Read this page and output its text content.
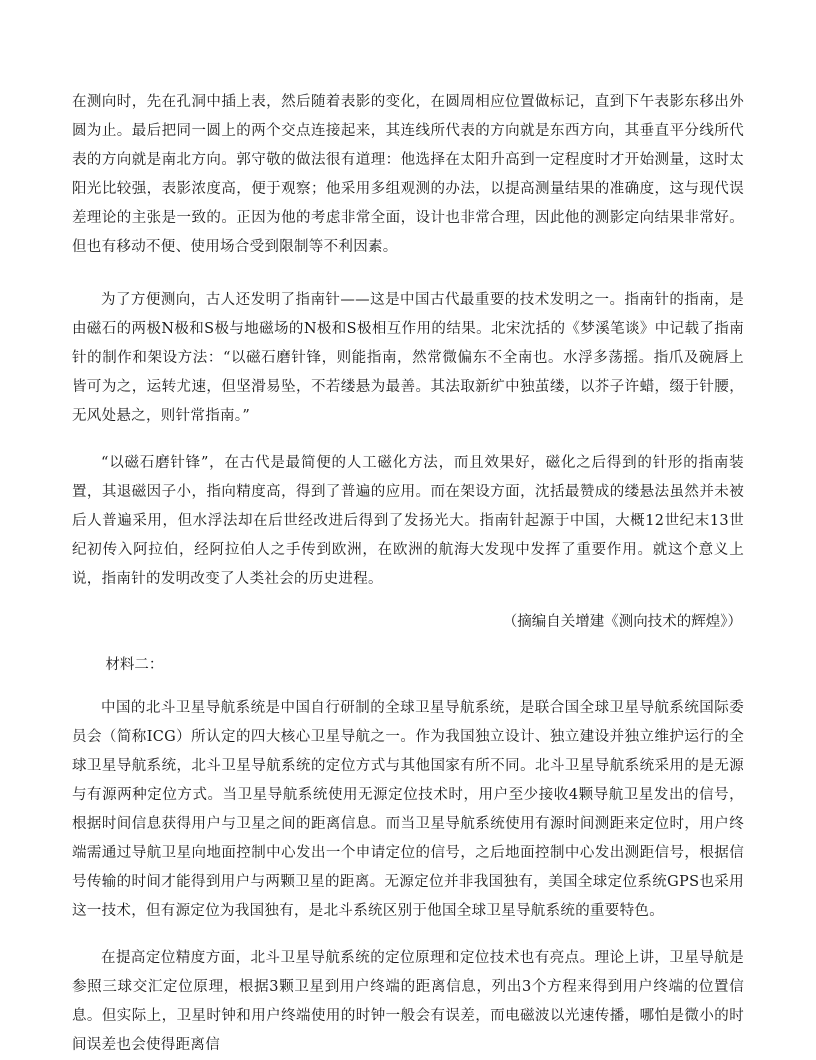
在测向时，先在孔洞中插上表，然后随着表影的变化，在圆周相应位置做标记，直到下午表影东移出外圆为止。最后把同一圆上的两个交点连接起来，其连线所代表的方向就是东西方向，其垂直平分线所代表的方向就是南北方向。郭守敬的做法很有道理：他选择在太阳升高到一定程度时才开始测量，这时太阳光比较强，表影浓度高，便于观察；他采用多组观测的办法，以提高测量结果的准确度，这与现代误差理论的主张是一致的。正因为他的考虑非常全面，设计也非常合理，因此他的测影定向结果非常好。但也有移动不便、使用场合受到限制等不利因素。

为了方便测向，古人还发明了指南针——这是中国古代最重要的技术发明之一。指南针的指南，是由磁石的两极N极和S极与地磁场的N极和S极相互作用的结果。北宋沈括的《梦溪笔谈》中记载了指南针的制作和架设方法：“以磁石磨针锋，则能指南，然常微偏东不全南也。水浮多荡摇。指爪及碗唇上皆可为之，运转尤速，但坚滑易坠，不若缕悬为最善。其法取新纩中独茧缕，以芥子许蜡，缀于针腰，无风处悬之，则针常指南。”

“以磁石磨针锋”，在古代是最简便的人工磁化方法，而且效果好，磁化之后得到的针形的指南装置，其退磁因子小，指向精度高，得到了普遍的应用。而在架设方面，沈括最赞成的缕悬法虽然并未被后人普遍采用，但水浮法却在后世经改进后得到了发扬光大。指南针起源于中国，大概12世纪末13世纪初传入阿拉伯，经阿拉伯人之手传到欧洲，在欧洲的航海大发现中发挥了重要作用。就这个意义上说，指南针的发明改变了人类社会的历史进程。

（摘编自关增建《测向技术的辉煌》）
材料二：

中国的北斗卫星导航系统是中国自行研制的全球卫星导航系统，是联合国全球卫星导航系统国际委员会（简称ICG）所认定的四大核心卫星导航之一。作为我国独立设计、独立建设并独立维护运行的全球卫星导航系统，北斗卫星导航系统的定位方式与其他国家有所不同。北斗卫星导航系统采用的是无源与有源两种定位方式。当卫星导航系统使用无源定位技术时，用户至少接收4颗导航卫星发出的信号，根据时间信息获得用户与卫星之间的距离信息。而当卫星导航系统使用有源时间测距来定位时，用户终端需通过导航卫星向地面控制中心发出一个申请定位的信号，之后地面控制中心发出测距信号，根据信号传输的时间才能得到用户与两颗卫星的距离。无源定位并非我国独有，美国全球定位系统GPS也采用这一技术，但有源定位为我国独有，是北斗系统区别于他国全球卫星导航系统的重要特色。

在提高定位精度方面，北斗卫星导航系统的定位原理和定位技术也有亮点。理论上讲，卫星导航是参照三球交汇定位原理，根据3颗卫星到用户终端的距离信息，列出3个方程来得到用户终端的位置信息。但实际上，卫星时钟和用户终端使用的时钟一般会有误差，而电磁波以光速传播，哪怕是微小的时间误差也会使得距离信
